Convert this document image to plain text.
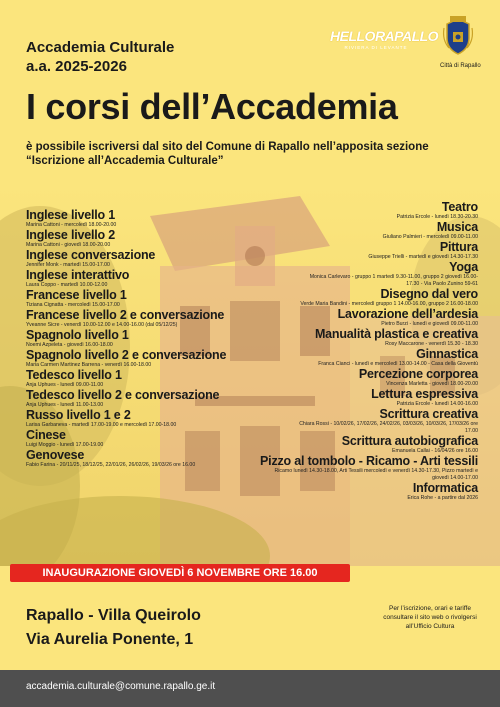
Accademia Culturale
a.a. 2025-2026
HELLORAPALLO
RIVIERA DI LEVANTE
Città di Rapallo
I corsi dell’Accademia
è possibile iscriversi dal sito del Comune di Rapallo nell’apposita sezione “Iscrizione all’Accademia Culturale”
Inglese livello 1
Marina Cattoni - mercoledì 18.00-20.00
Inglese livello 2
Marina Cattoni - giovedì 18.00-20.00
Inglese conversazione
Jennifer Monk - martedì 15.00-17.00
Inglese interattivo
Laura Coppo - martedì 10.00-12.00
Francese livello 1
Tiziana Cignatta - mercoledì 15.00-17.00
Francese livello 2 e conversazione
Yveanne Sicre - venerdì 10.00-12.00 e 14.00-16.00 (dal 05/12/25)
Spagnolo livello 1
Noemi Azpeleta - giovedì 16.00-18.00
Spagnolo livello 2 e conversazione
Maria Carmen Martinez Barrena - venerdì 16.00-18.00
Tedesco livello 1
Anja Uphues - lunedì 09.00-11.00
Tedesco livello 2 e conversazione
Anja Uphues - lunedì 11.00-13.00
Russo livello 1 e 2
Larisa Garbaneva - martedì 17.00-19.00 e mercoledì 17.00-18.00
Cinese
Luigi Moggio - lunedì 17.00-19.00
Genovese
Fabio Farina - 20/11/25, 18/12/25, 22/01/26, 26/02/26, 19/03/26 ore 16.00
Teatro
Patrizia Ercole - lunedì 18.30-20.30
Musica
Giuliano Palmieri - mercoledì 09.00-11.00
Pittura
Giuseppe Trielli - martedì e giovedì 14.30-17.30
Yoga
Monica Carlevaro - gruppo 1 martedì 9.30-11.00, gruppo 2 giovedì 16.00-17.30 - Via Paolo Zunino 59-61
Disegno dal vero
Verde Maria Bandini - mercoledì gruppo 1 14.00-16.00, gruppo 2 16.00-18.00
Lavorazione dell’ardesia
Pietro Burzi - lunedì e giovedì 09.00-11.00
Manualità plastica e creativa
Rosy Maccarone - venerdì 15.30 - 18.30
Ginnastica
Franca Cianci - lunedì e mercoledì 13.00-14.00 - Casa della Gioventù
Percezione corporea
Vincenza Marletta - giovedì 18.00-20.00
Lettura espressiva
Patrizia Ercole - lunedì 14.00-16.00
Scrittura creativa
Chiara Rossi - 10/02/26, 17/02/26, 24/02/26, 03/03/26, 10/03/26, 17/03/26 ore 17.00
Scrittura autobiografica
Emanuela Callai - 16/04/26 ore 16.00
Pizzo al tombolo - Ricamo - Arti tessili
Ricamo lunedì 14.30-18.00, Arti Tessili mercoledì e venerdì 14.30-17.30, Pizzo martedì e giovedì 14.00-17.00
Informatica
Erica Rohe - a partire dal 2026
INAUGURAZIONE GIOVEDÌ 6 NOVEMBRE ORE 16.00
Rapallo - Villa Queirolo
Via Aurelia Ponente, 1
Per l’iscrizione, orari e tariffe consultare il sito web o rivolgersi all’Ufficio Cultura
accademia.culturale@comune.rapallo.ge.it
